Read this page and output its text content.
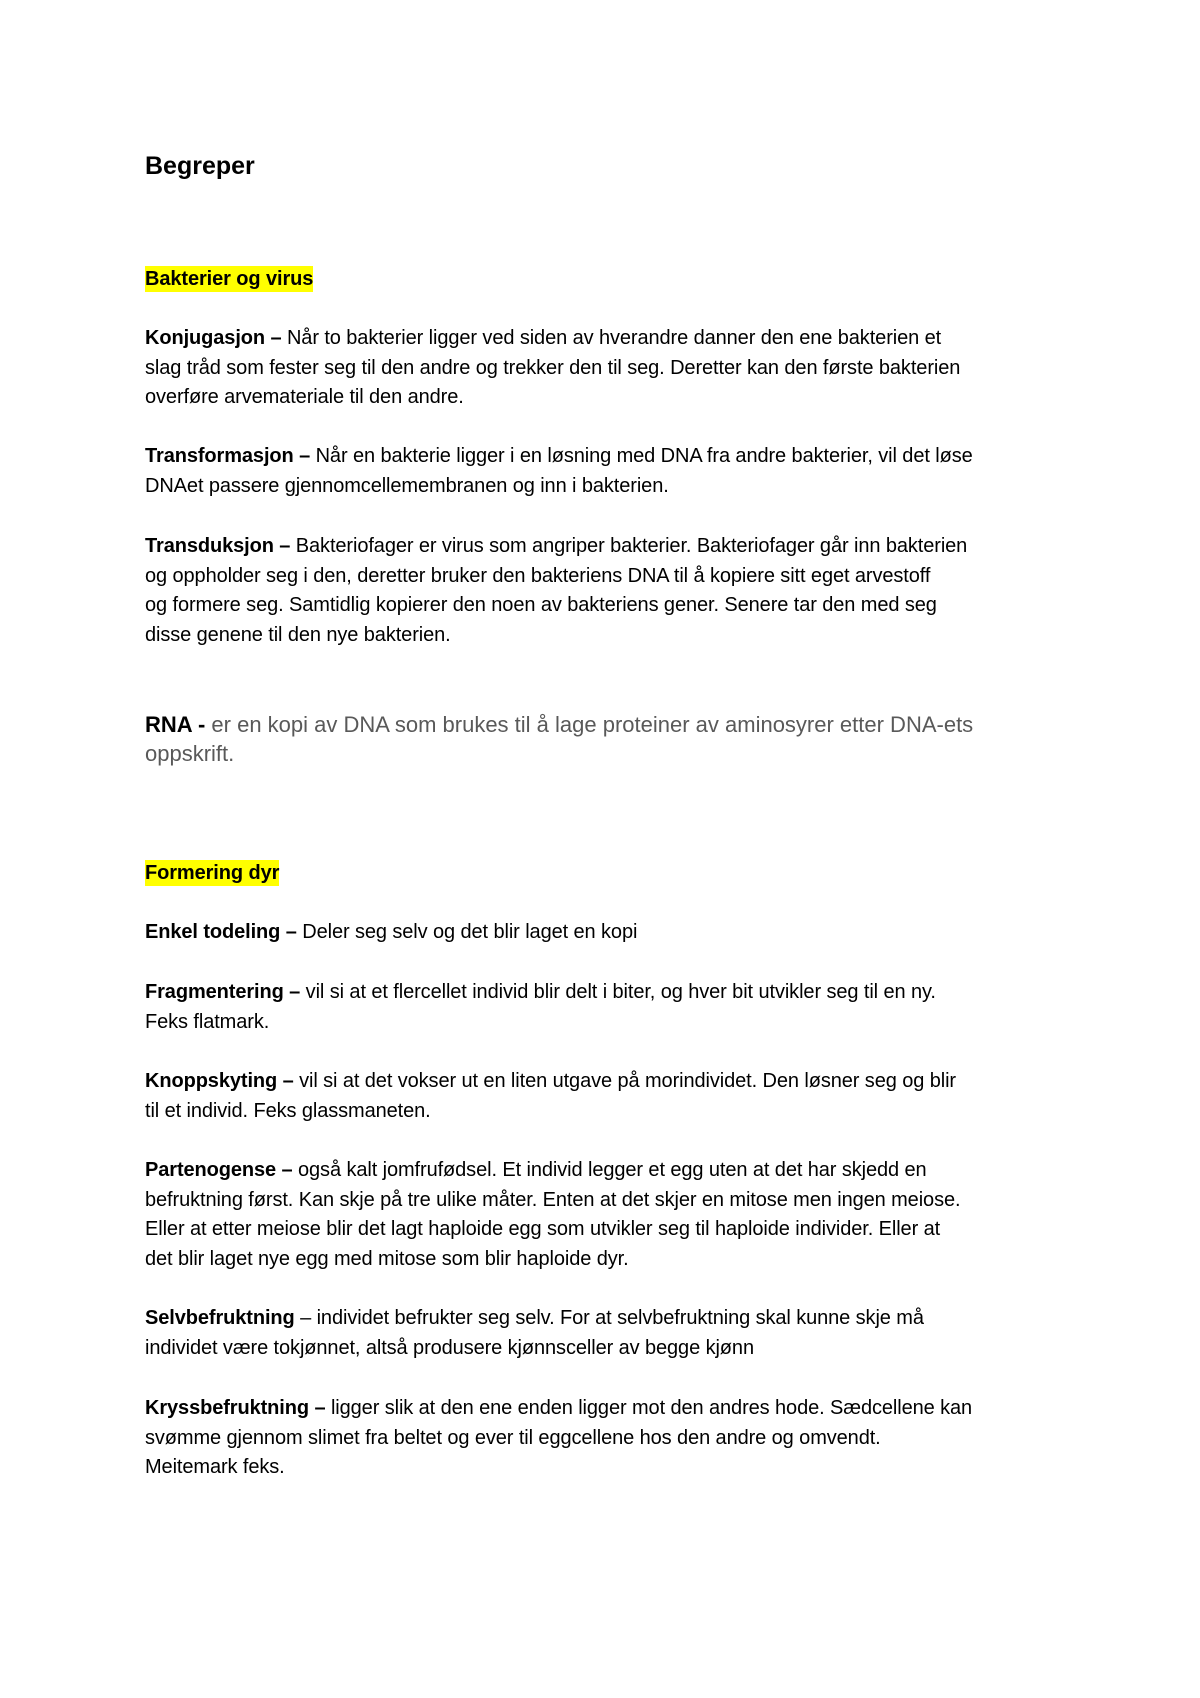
Begreper
Bakterier og virus
Konjugasjon – Når to bakterier ligger ved siden av hverandre danner den ene bakterien et
slag tråd som fester seg til den andre og trekker den til seg. Deretter kan den første bakterien
overføre arvemateriale til den andre.
Transformasjon – Når en bakterie ligger i en løsning med DNA fra andre bakterier, vil det løse
DNAet passere gjennomcellemembranen og inn i bakterien.
Transduksjon – Bakteriofager er virus som angriper bakterier. Bakteriofager går inn bakterien
og oppholder seg i den, deretter bruker den bakteriens DNA til å kopiere sitt eget arvestoff
og formere seg. Samtidlig kopierer den noen av bakteriens gener. Senere tar den med seg
disse genene til den nye bakterien.
RNA - er en kopi av DNA som brukes til å lage proteiner av aminosyrer etter DNA-ets
oppskrift.
Formering dyr
Enkel todeling – Deler seg selv og det blir laget en kopi
Fragmentering – vil si at et flercellet individ blir delt i biter, og hver bit utvikler seg til en ny.
Feks flatmark.
Knoppskyting – vil si at det vokser ut en liten utgave på morindividet. Den løsner seg og blir
til et individ. Feks glassmaneten.
Partenogense – også kalt jomfrufødsel. Et individ legger et egg uten at det har skjedd en
befruktning først. Kan skje på tre ulike måter. Enten at det skjer en mitose men ingen meiose.
Eller at etter meiose blir det lagt haploide egg som utvikler seg til haploide individer. Eller at
det blir laget nye egg med mitose som blir haploide dyr.
Selvbefruktning – individet befrukter seg selv. For at selvbefruktning skal kunne skje må
individet være tokjønnet, altså produsere kjønnsceller av begge kjønn
Kryssbefruktning – ligger slik at den ene enden ligger mot den andres hode. Sædcellene kan
svømme gjennom slimet fra beltet og ever til eggcellene hos den andre og omvendt.
Meitemark feks.
